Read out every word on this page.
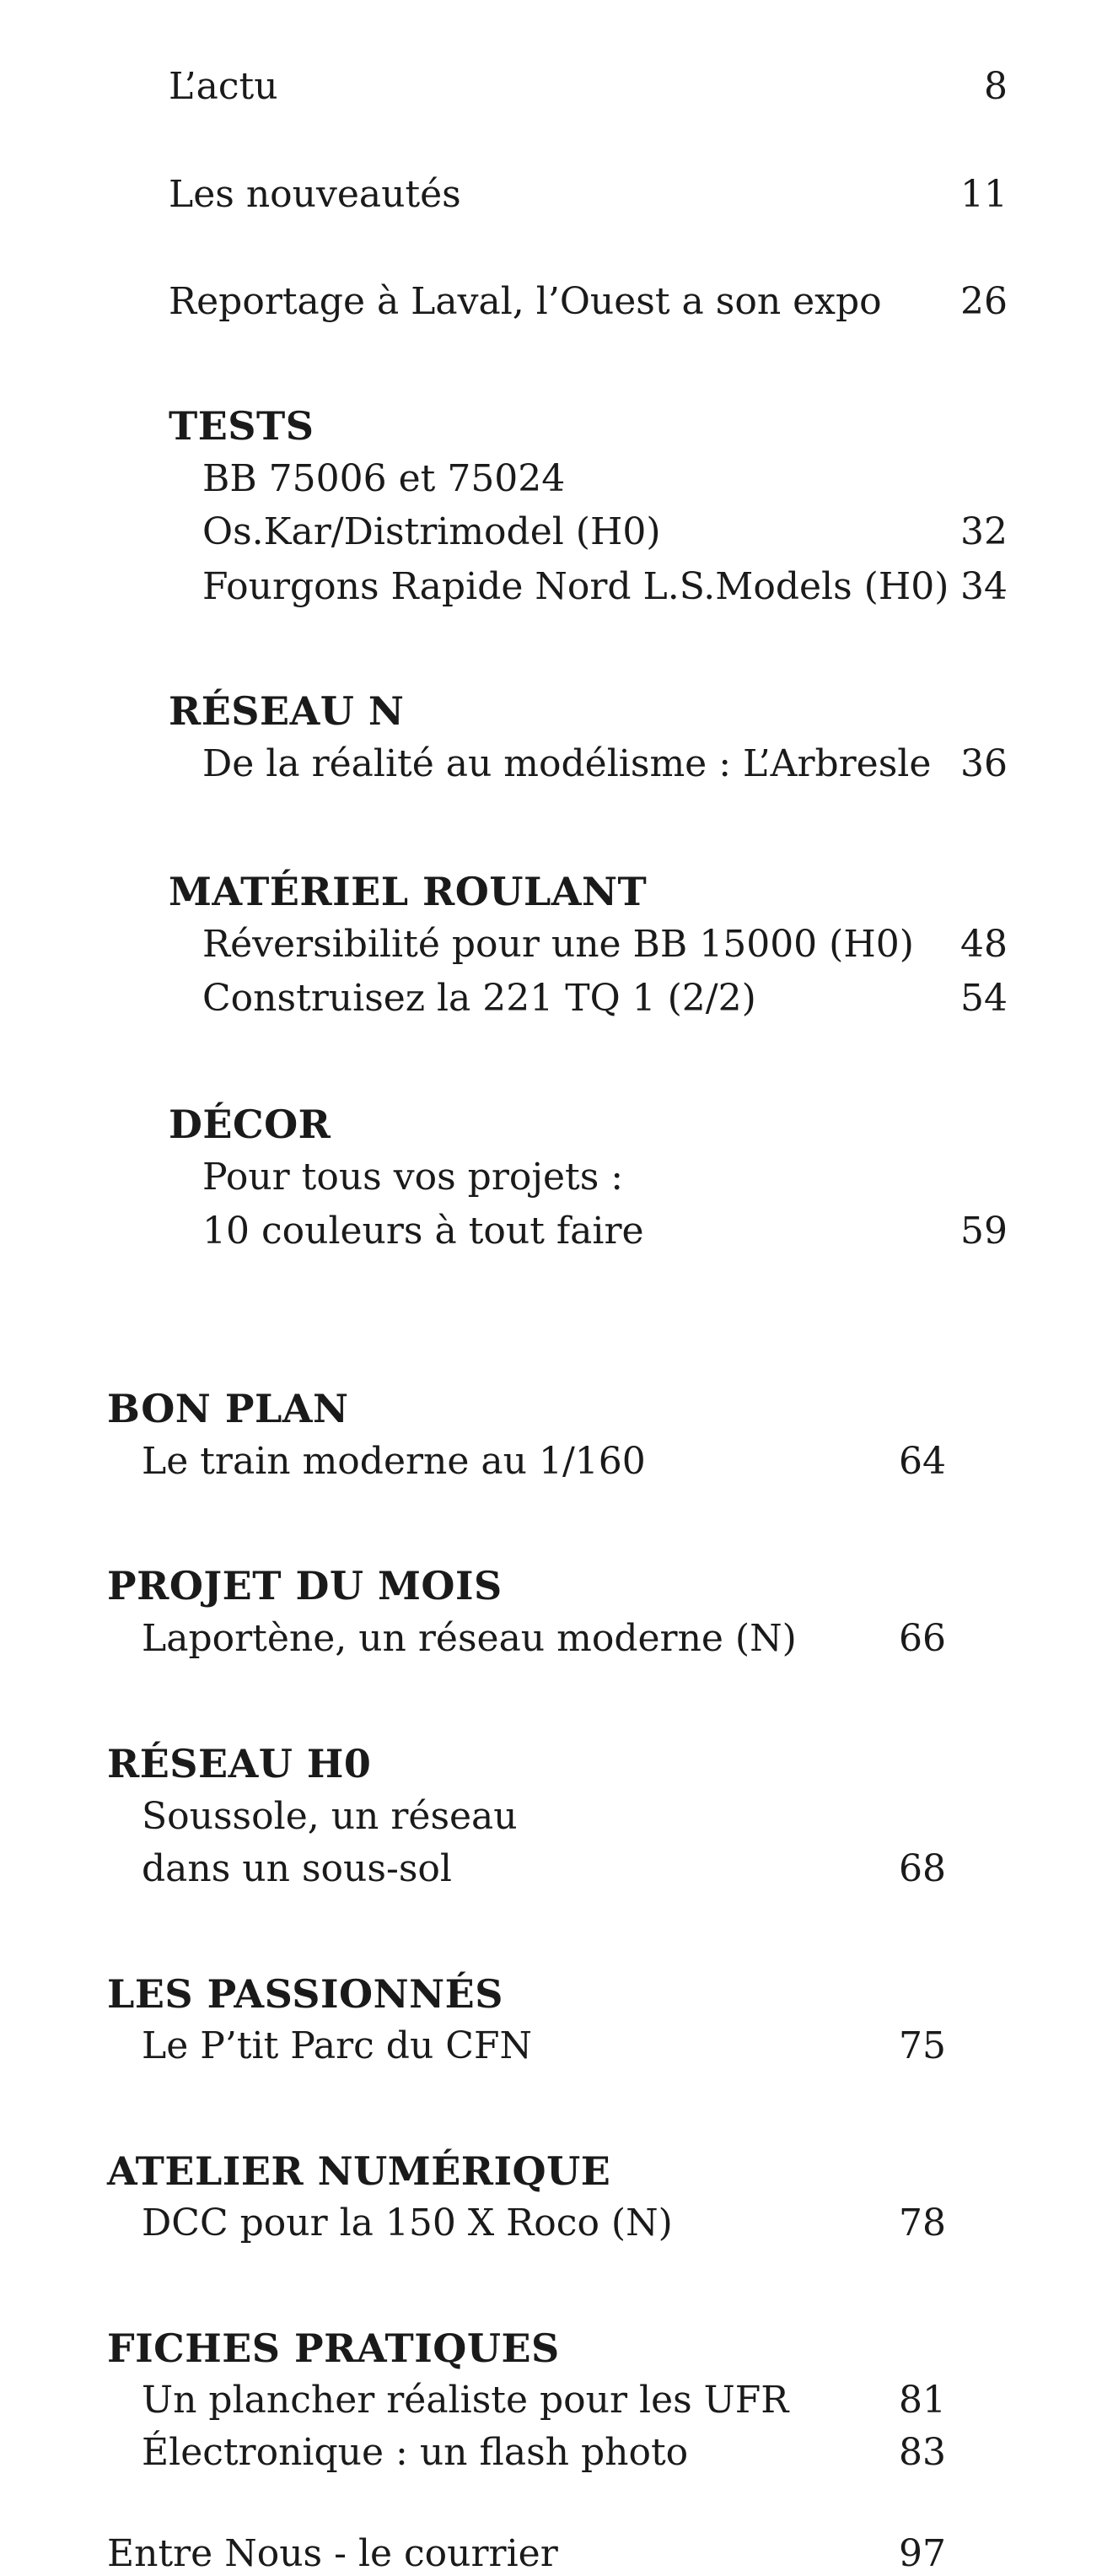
L’actu	8
Les nouveautés	11
Reportage à Laval, l’Ouest a son expo 26
TESTS
BB 75006 et 75024
Os.Kar/Distrimodel (H0)	32
Fourgons Rapide Nord L.S.Models (H0) 34
RÉSEAU N
De la réalité au modélisme : L’Arbresle 36
MATÉRIEL ROULANT
Réversibilité pour une BB 15000 (H0) 48
Construisez la 221 TQ 1 (2/2)	54
DÉCOR
Pour tous vos projets :
10 couleurs à tout faire	59
BON PLAN
Le train moderne au 1/160	64
PROJET DU MOIS
Laportène, un réseau moderne (N)	66
RÉSEAU H0
Soussole, un réseau
dans un sous-sol	68
LES PASSIONNÉS
Le P’tit Parc du CFN	75
ATELIER NUMÉRIQUE
DCC pour la 150 X Roco (N)	78
FICHES PRATIQUES
Un plancher réaliste pour les UFR	81
Électronique : un flash photo	83
Entre Nous - le courrier	97
